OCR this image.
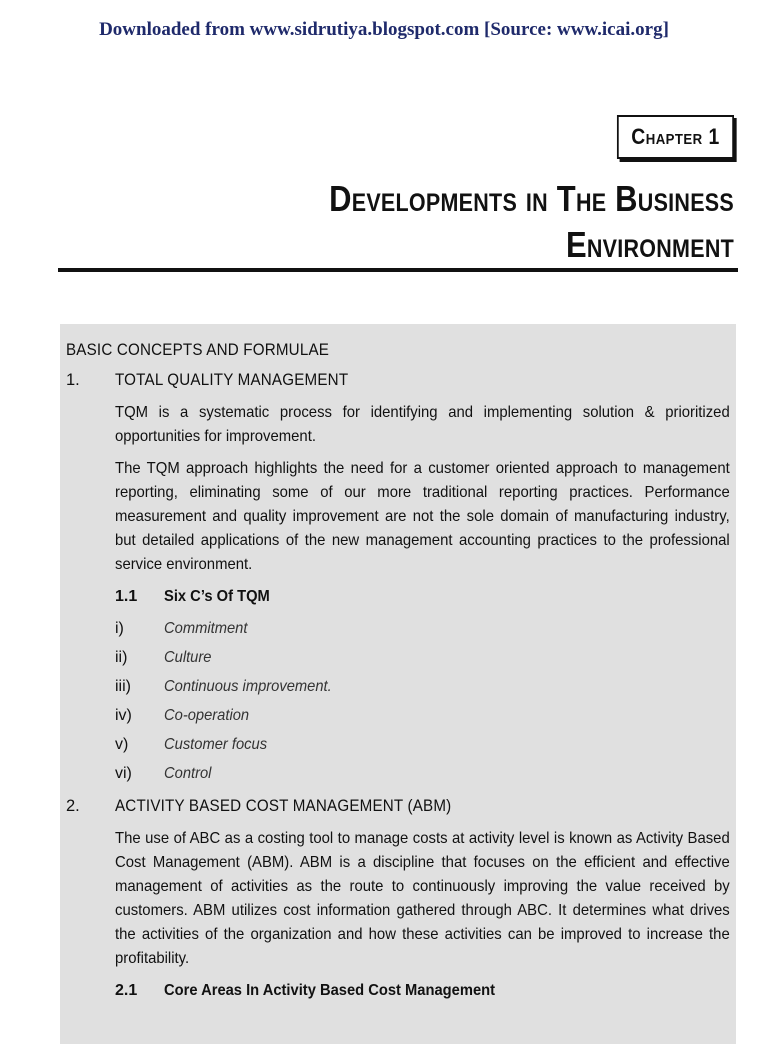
Downloaded from www.sidrutiya.blogspot.com [Source: www.icai.org]
Chapter 1
Developments in The Business
Environment
BASIC CONCEPTS AND FORMULAE
1. TOTAL QUALITY MANAGEMENT
TQM is a systematic process for identifying and implementing solution & prioritized opportunities for improvement.
The TQM approach highlights the need for a customer oriented approach to management reporting, eliminating some of our more traditional reporting practices. Performance measurement and quality improvement are not the sole domain of manufacturing industry, but detailed applications of the new management accounting practices to the professional service environment.
1.1 Six C’s Of TQM
i)	Commitment
ii) Culture
iii) Continuous improvement.
iv) Co-operation
v) Customer focus
vi) Control
2. ACTIVITY BASED COST MANAGEMENT (ABM)
The use of ABC as a costing tool to manage costs at activity level is known as Activity Based Cost Management (ABM). ABM is a discipline that focuses on the efficient and effective management of activities as the route to continuously improving the value received by customers. ABM utilizes cost information gathered through ABC. It determines what drives the activities of the organization and how these activities can be improved to increase the profitability.
2.1 Core Areas In Activity Based Cost Management
